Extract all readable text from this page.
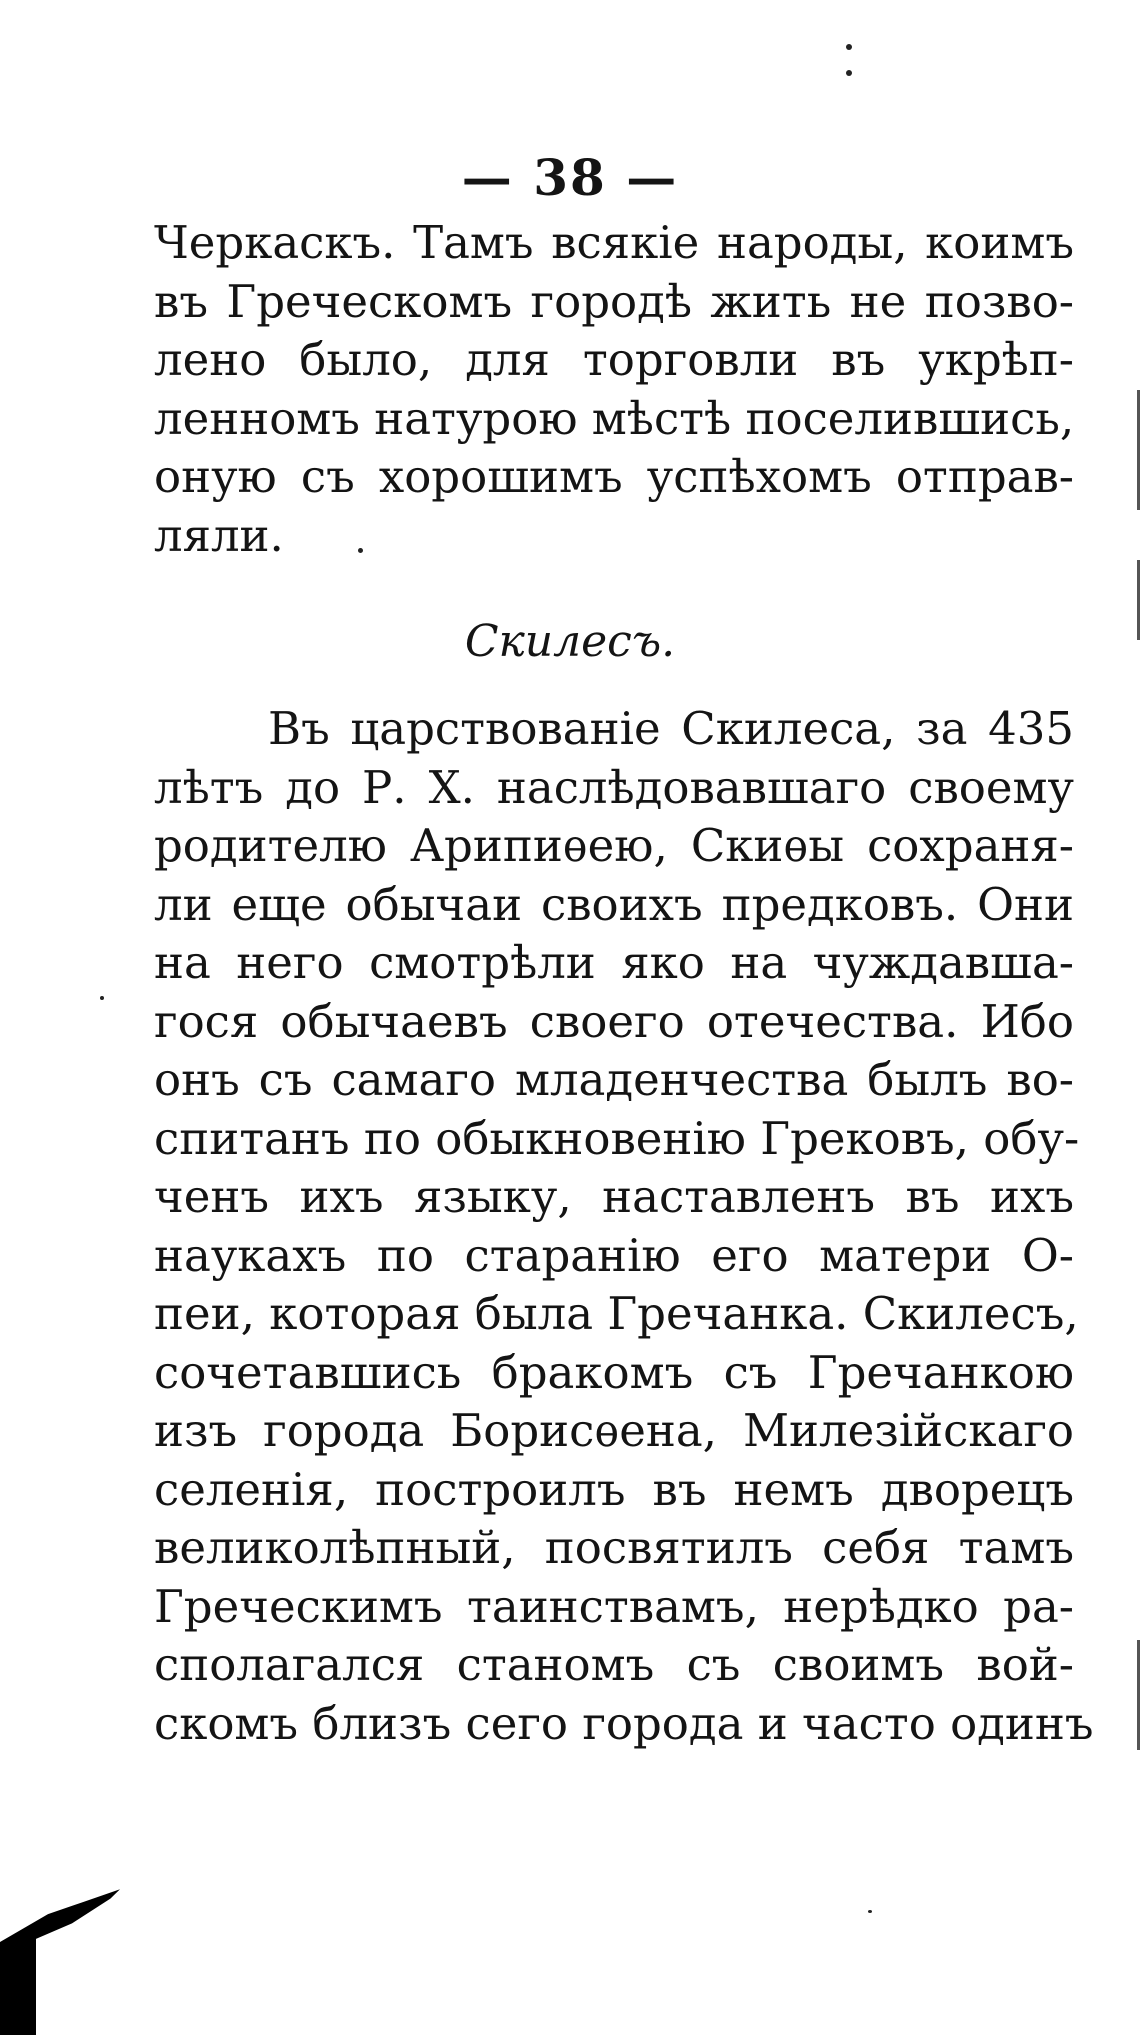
— 38 —
Черкаскъ. Тамъ всякіе народы, коимъ
въ Греческомъ городѣ жить не позво-
лено было, для торговли въ укрѣп-
ленномъ натурою мѣстѣ поселившись,
оную съ хорошимъ успѣхомъ отправ-
ляли.
Скилесъ.
Въ царствованіе Скилеса, за 435
лѣтъ до Р. Х. наслѣдовавшаго своему
родителю Арипиѳею, Скиѳы сохраня-
ли еще обычаи своихъ предковъ. Они
на него смотрѣли яко на чуждавша-
гося обычаевъ своего отечества. Ибо
онъ съ самаго младенчества былъ во-
спитанъ по обыкновенію Грековъ, обу-
ченъ ихъ языку, наставленъ въ ихъ
наукахъ по старанію его матери О-
пеи, которая была Гречанка. Скилесъ,
сочетавшись бракомъ съ Гречанкою
изъ города Борисѳена, Милезійскаго
селенія, построилъ въ немъ дворецъ
великолѣпный, посвятилъ себя тамъ
Греческимъ таинствамъ, нерѣдко ра-
сполагался станомъ съ своимъ вой-
скомъ близъ сего города и часто одинъ
